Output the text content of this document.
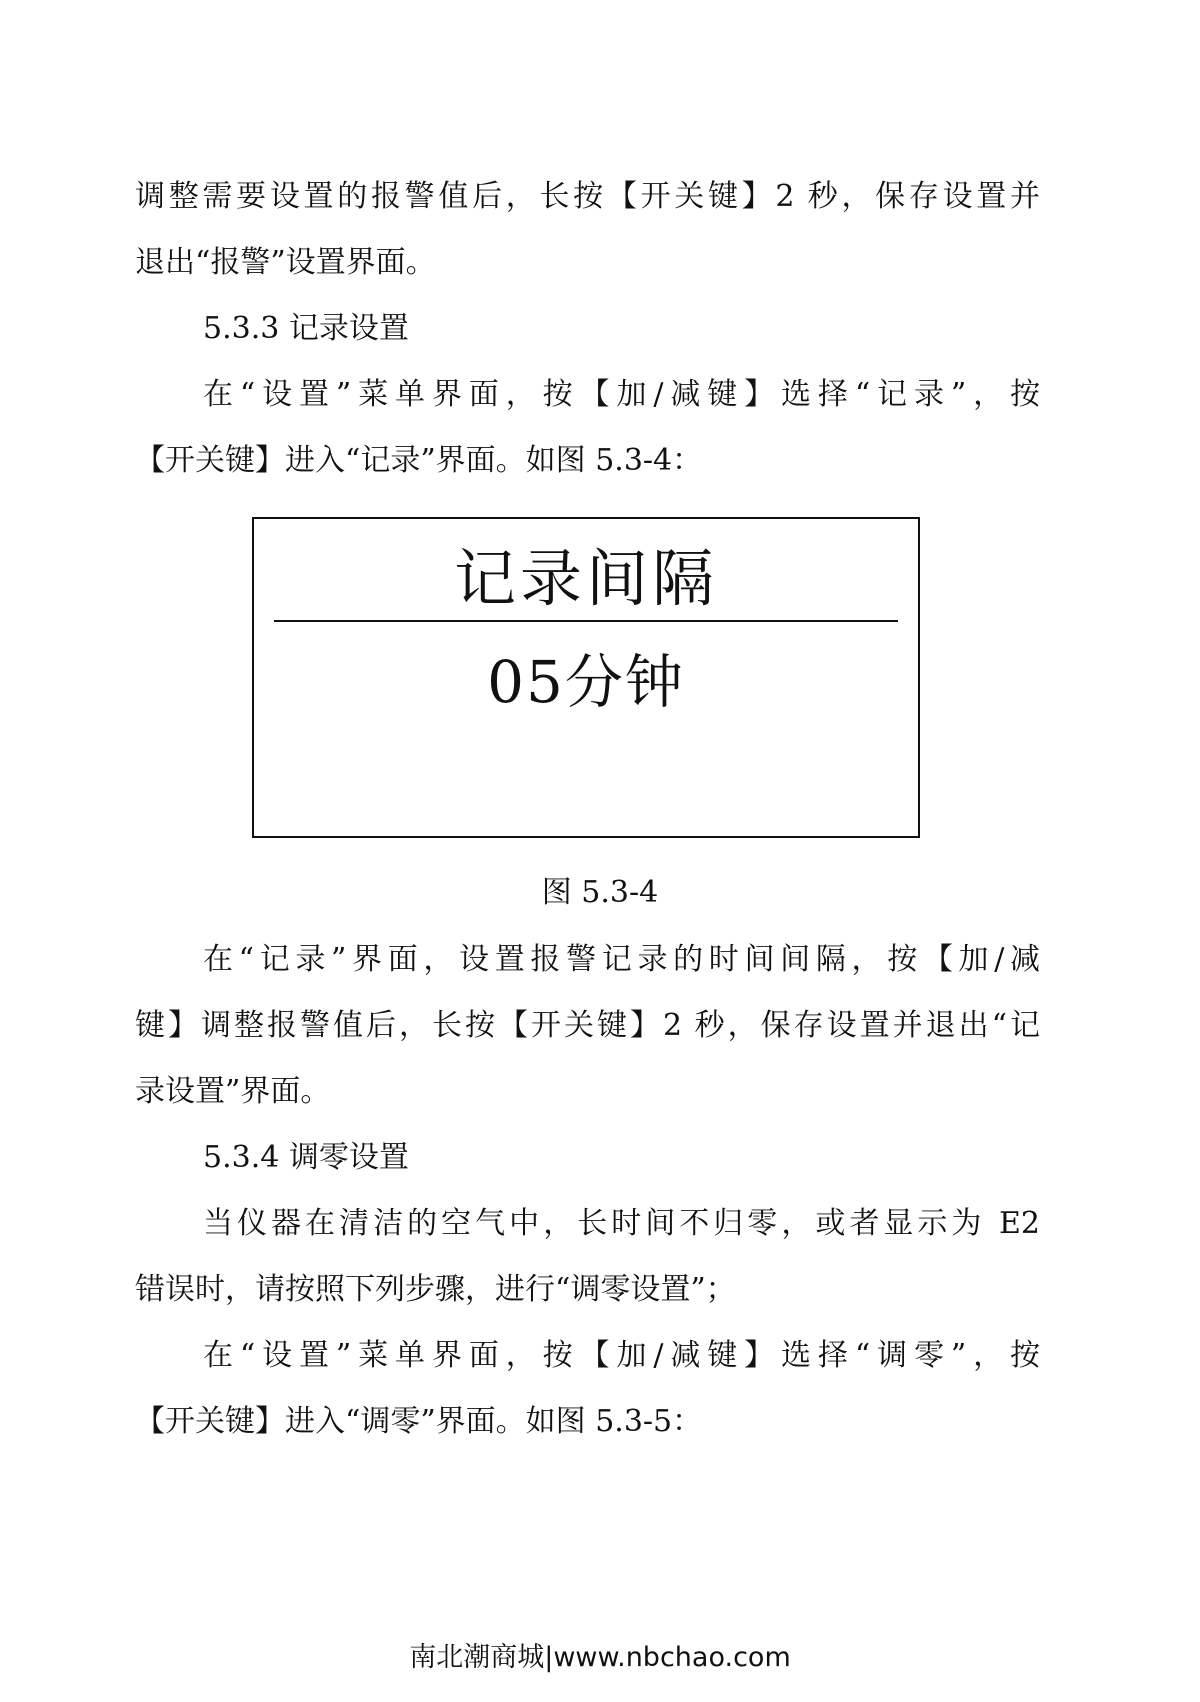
调整需要设置的报警值后，长按【开关键】2 秒，保存设置并

退出“报警”设置界面。

5.3.3 记录设置

在“设置”菜单界面，按【加/减键】选择“记录”，按

【开关键】进入“记录”界面。如图 5.3-4：

记录间隔
05分钟
图 5.3-4

在“记录”界面，设置报警记录的时间间隔，按【加/减

键】调整报警值后，长按【开关键】2 秒，保存设置并退出“记

录设置”界面。

5.3.4 调零设置

当仪器在清洁的空气中，长时间不归零，或者显示为 E2

错误时，请按照下列步骤，进行“调零设置”；

在“设置”菜单界面，按【加/减键】选择“调零”，按

【开关键】进入“调零”界面。如图 5.3-5：

南北潮商城|www.nbchao.com
